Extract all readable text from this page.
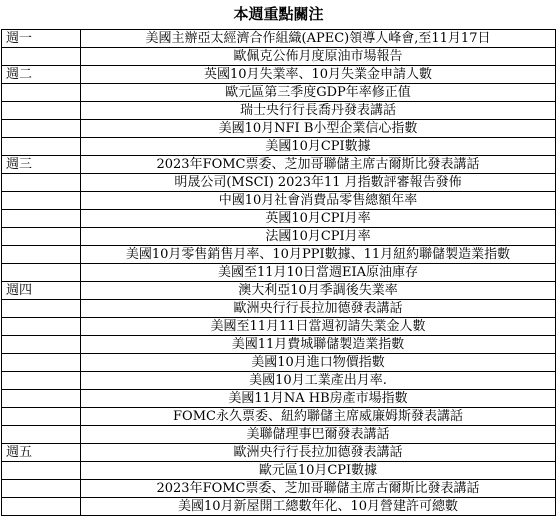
本週重點關注
週一	美國主辦亞太經濟合作組織(APEC)領導人峰會,至11月17日
	歐佩克公佈月度原油市場報告
週二	英國10月失業率、10月失業金申請人數
	歐元區第三季度GDP年率修正值
	瑞士央行行長喬丹發表講話
	美國10月NFI B小型企業信心指數
	美國10月CPI數據
週三	2023年FOMC票委、芝加哥聯儲主席古爾斯比發表講話
	明晟公司(MSCI) 2023年11 月指數評審報告發佈
	中國10月社會消費品零售總額年率
	英國10月CPI月率
	法國10月CPI月率
	美國10月零售銷售月率、10月PPI數據、11月紐約聯儲製造業指數
	美國至11月10日當週EIA原油庫存
週四	澳大利亞10月季調後失業率
	歐洲央行行長拉加德發表講話
	美國至11月11日當週初請失業金人數
	美國11月費城聯儲製造業指數
	美國10月進口物價指數
	美國10月工業產出月率.
	美國11月NA HB房產市場指數
	FOMC永久票委、紐約聯儲主席威廉姆斯發表講話
	美聯儲理事巴爾發表講話
週五	歐洲央行行長拉加德發表講話
	歐元區10月CPI數據
	2023年FOMC票委、芝加哥聯儲主席古爾斯比發表講話
	美國10月新屋開工總數年化、10月營建許可總數
